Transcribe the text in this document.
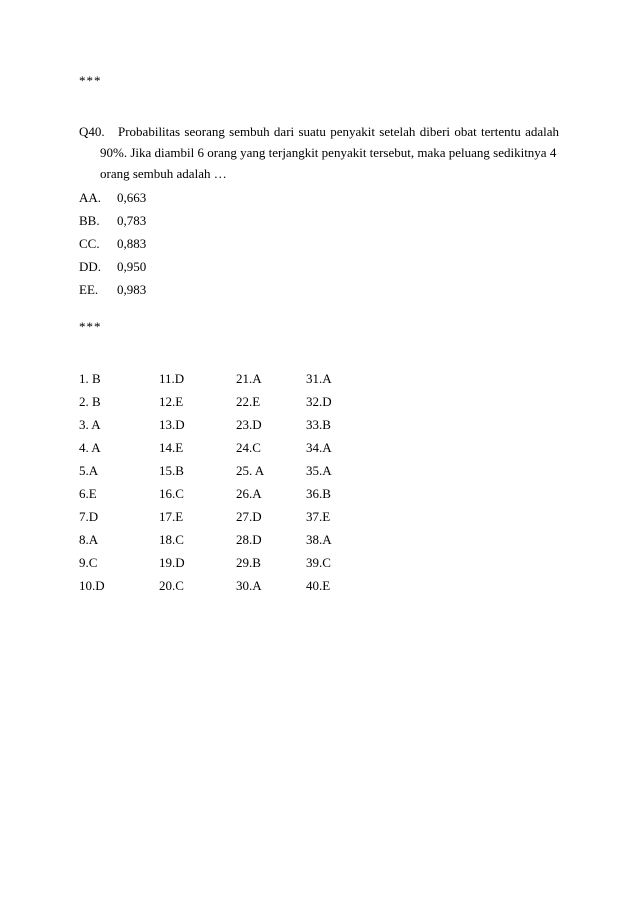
***
Q40. Probabilitas seorang sembuh dari suatu penyakit setelah diberi obat tertentu adalah
90%. Jika diambil 6 orang yang terjangkit penyakit tersebut, maka peluang sedikitnya 4
orang sembuh adalah …
AA. 0,663
BB. 0,783
CC. 0,883
DD. 0,950
EE. 0,983
***
1. B	11.D	21.A	31.A
2. B	12.E	22.E	32.D
3. A	13.D	23.D	33.B
4. A	14.E	24.C	34.A
5.A	15.B	25. A	35.A
6.E	16.C	26.A	36.B
7.D	17.E	27.D	37.E
8.A	18.C	28.D	38.A
9.C	19.D	29.B	39.C
10.D	20.C	30.A	40.E
